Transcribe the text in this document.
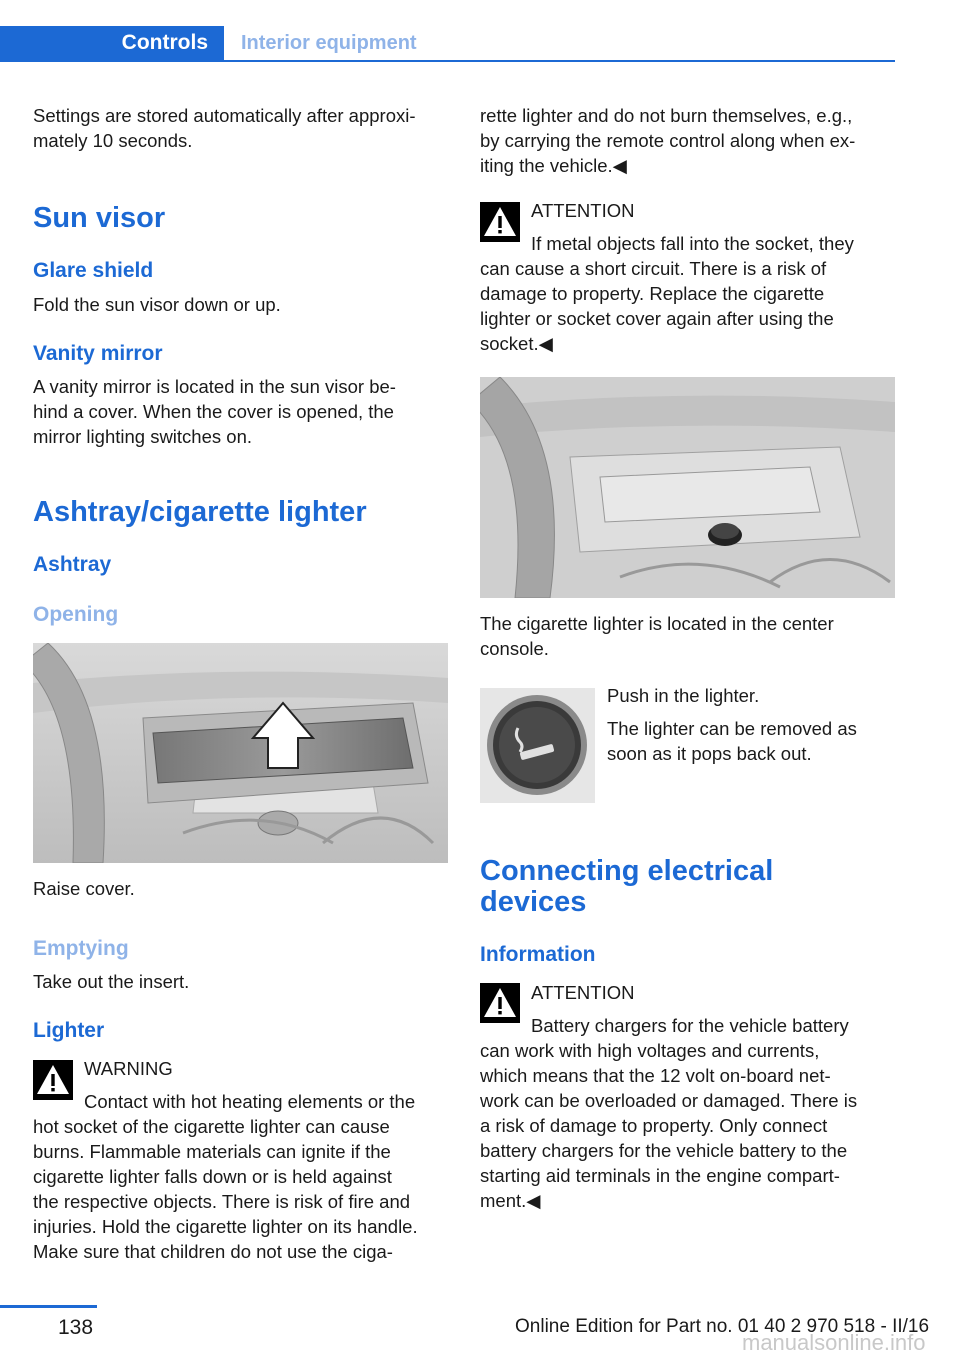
Controls	Interior equipment

Settings are stored automatically after approxi-
mately 10 seconds.

Sun visor
Glare shield

Fold the sun visor down or up.

Vanity mirror

A vanity mirror is located in the sun visor be-
hind a cover. When the cover is opened, the
mirror lighting switches on.

Ashtray/cigarette lighter
Ashtray
Opening

Raise cover.

Emptying

Take out the insert.

Lighter

WARNING

Contact with hot heating elements or the

hot socket of the cigarette lighter can cause
burns. Flammable materials can ignite if the
cigarette lighter falls down or is held against
the respective objects. There is risk of fire and
injuries. Hold the cigarette lighter on its handle.
Make sure that children do not use the ciga-

rette lighter and do not burn themselves, e.g.,
by carrying the remote control along when ex-
iting the vehicle.◀

ATTENTION

If metal objects fall into the socket, they

can cause a short circuit. There is a risk of
damage to property. Replace the cigarette
lighter or socket cover again after using the
socket.◀

The cigarette lighter is located in the center
console.

Push in the lighter.

The lighter can be removed as
soon as it pops back out.

Connecting electrical
devices
Information

ATTENTION

Battery chargers for the vehicle battery

can work with high voltages and currents,
which means that the 12 volt on-board net-
work can be overloaded or damaged. There is
a risk of damage to property. Only connect
battery chargers for the vehicle battery to the
starting aid terminals in the engine compart-
ment.◀

138	Online Edition for Part no. 01 40 2 970 518 - II/16
manualsonline.info
